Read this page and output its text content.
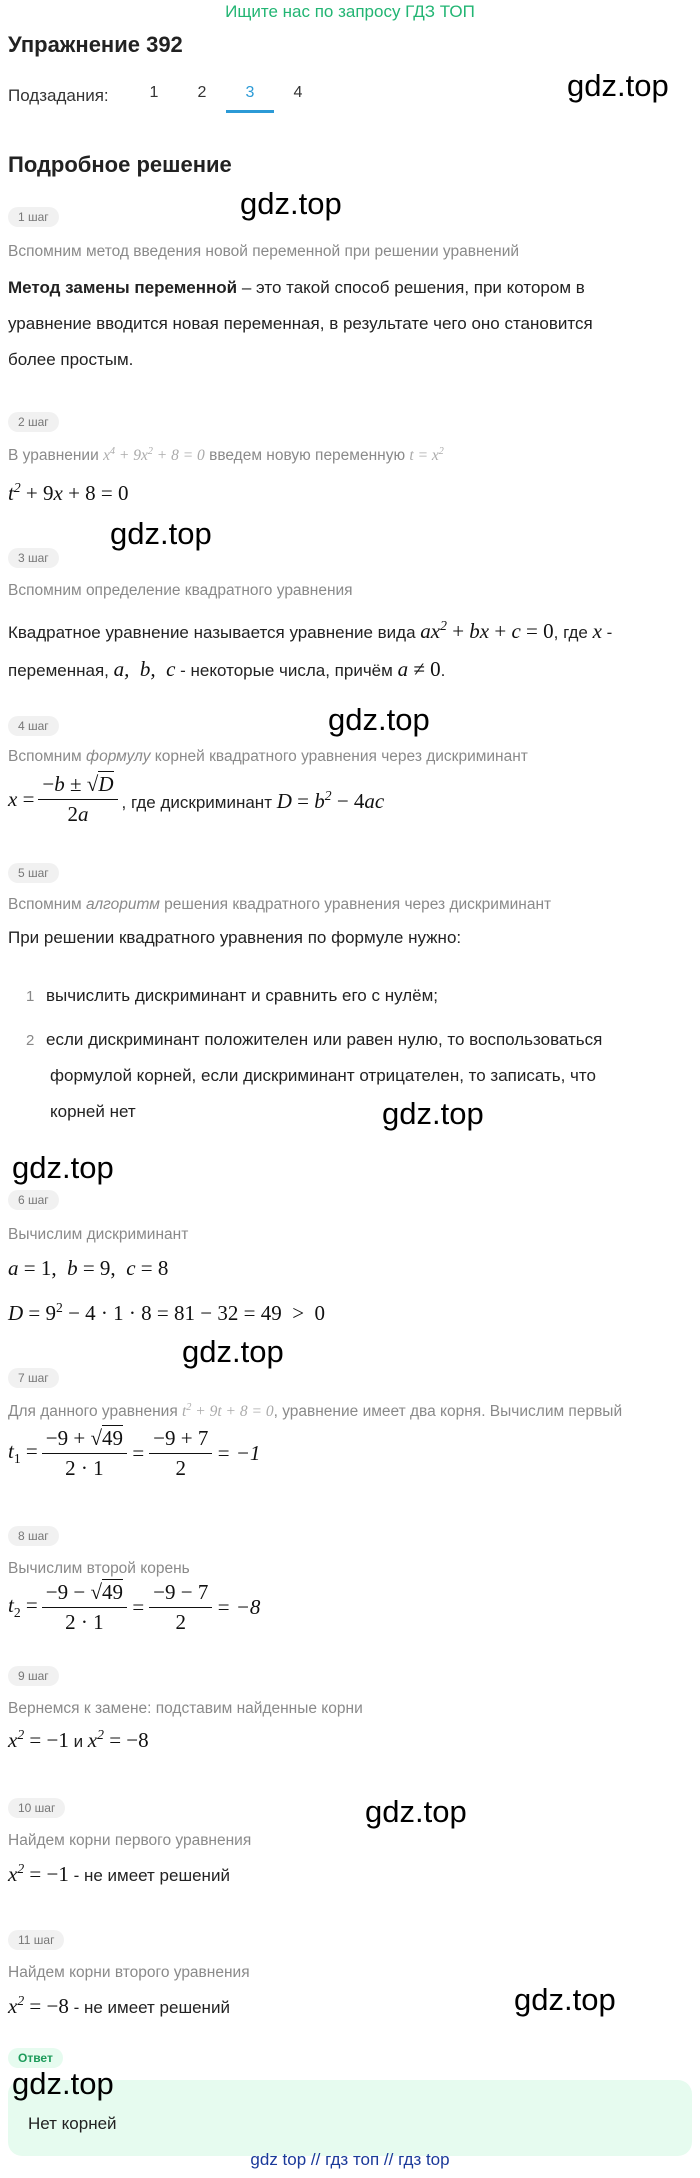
Ищите нас по запросу ГДЗ ТОП
Упражнение 392
Подзадания:	1	2	3	4	gdz.top
Подробное решение
gdz.top
1 шаг
Вспомним метод введения новой переменной при решении уравнений
Метод замены переменной – это такой способ решения, при котором в
уравнение вводится новая переменная, в результате чего оно становится
более простым.
2 шаг
В уравнении $x^4 + 9x^2 + 8 = 0$ введем новую переменную $t = x^2$
$t^2 + 9x + 8 = 0$
gdz.top
3 шаг
Вспомним определение квадратного уравнения
Квадратное уравнение называется уравнение вида $ax^2$ + bx + c = 0, где x -
переменная, a,  b,  c - некоторые числа, причём a ≠ 0.
gdz.top
4 шаг
Вспомним формулу корней квадратного уравнения через дискриминант
$x = \frac{-b \pm √D}{2a}$ , где дискриминант $D = b^2 - 4ac$
5 шаг
Вспомним алгоритм решения квадратного уравнения через дискриминант
При решении квадратного уравнения по формуле нужно:
1 вычислить дискриминант и сравнить его с нулём;
2 если дискриминант положителен или равен нулю, то воспользоваться
формулой корней, если дискриминант отрицателен, то записать, что
корней нет	gdz.top
gdz.top
6 шаг
Вычислим дискриминант
a = 1,  b = 9,  c = 8
$D = 9^2 - 4 \cdot 1 \cdot 8 = 81 - 32 = 49 > 0$
gdz.top
7 шаг
Для данного уравнения $t^2 + 9t + 8 = 0$, уравнение имеет два корня. Вычислим первый
$t_1 = \frac{-9 + √49}{2 \cdot 1} = \frac{-9 + 7}{2} = -1$
8 шаг
Вычислим второй корень
$t_2 = \frac{-9 - √49}{2 \cdot 1} = \frac{-9 - 7}{2} = -8$
9 шаг
Вернемся к замене: подставим найденные корни
$x^2 = -1$ и $x^2 = -8$
10 шаг	gdz.top
Найдем корни первого уравнения
$x^2 = -1$ - не имеет решений
11 шаг
Найдем корни второго уравнения
$x^2 = -8$ - не имеет решений	gdz.top
Ответ
gdz.top
Нет корней
gdz top // гдз топ // гдз top
